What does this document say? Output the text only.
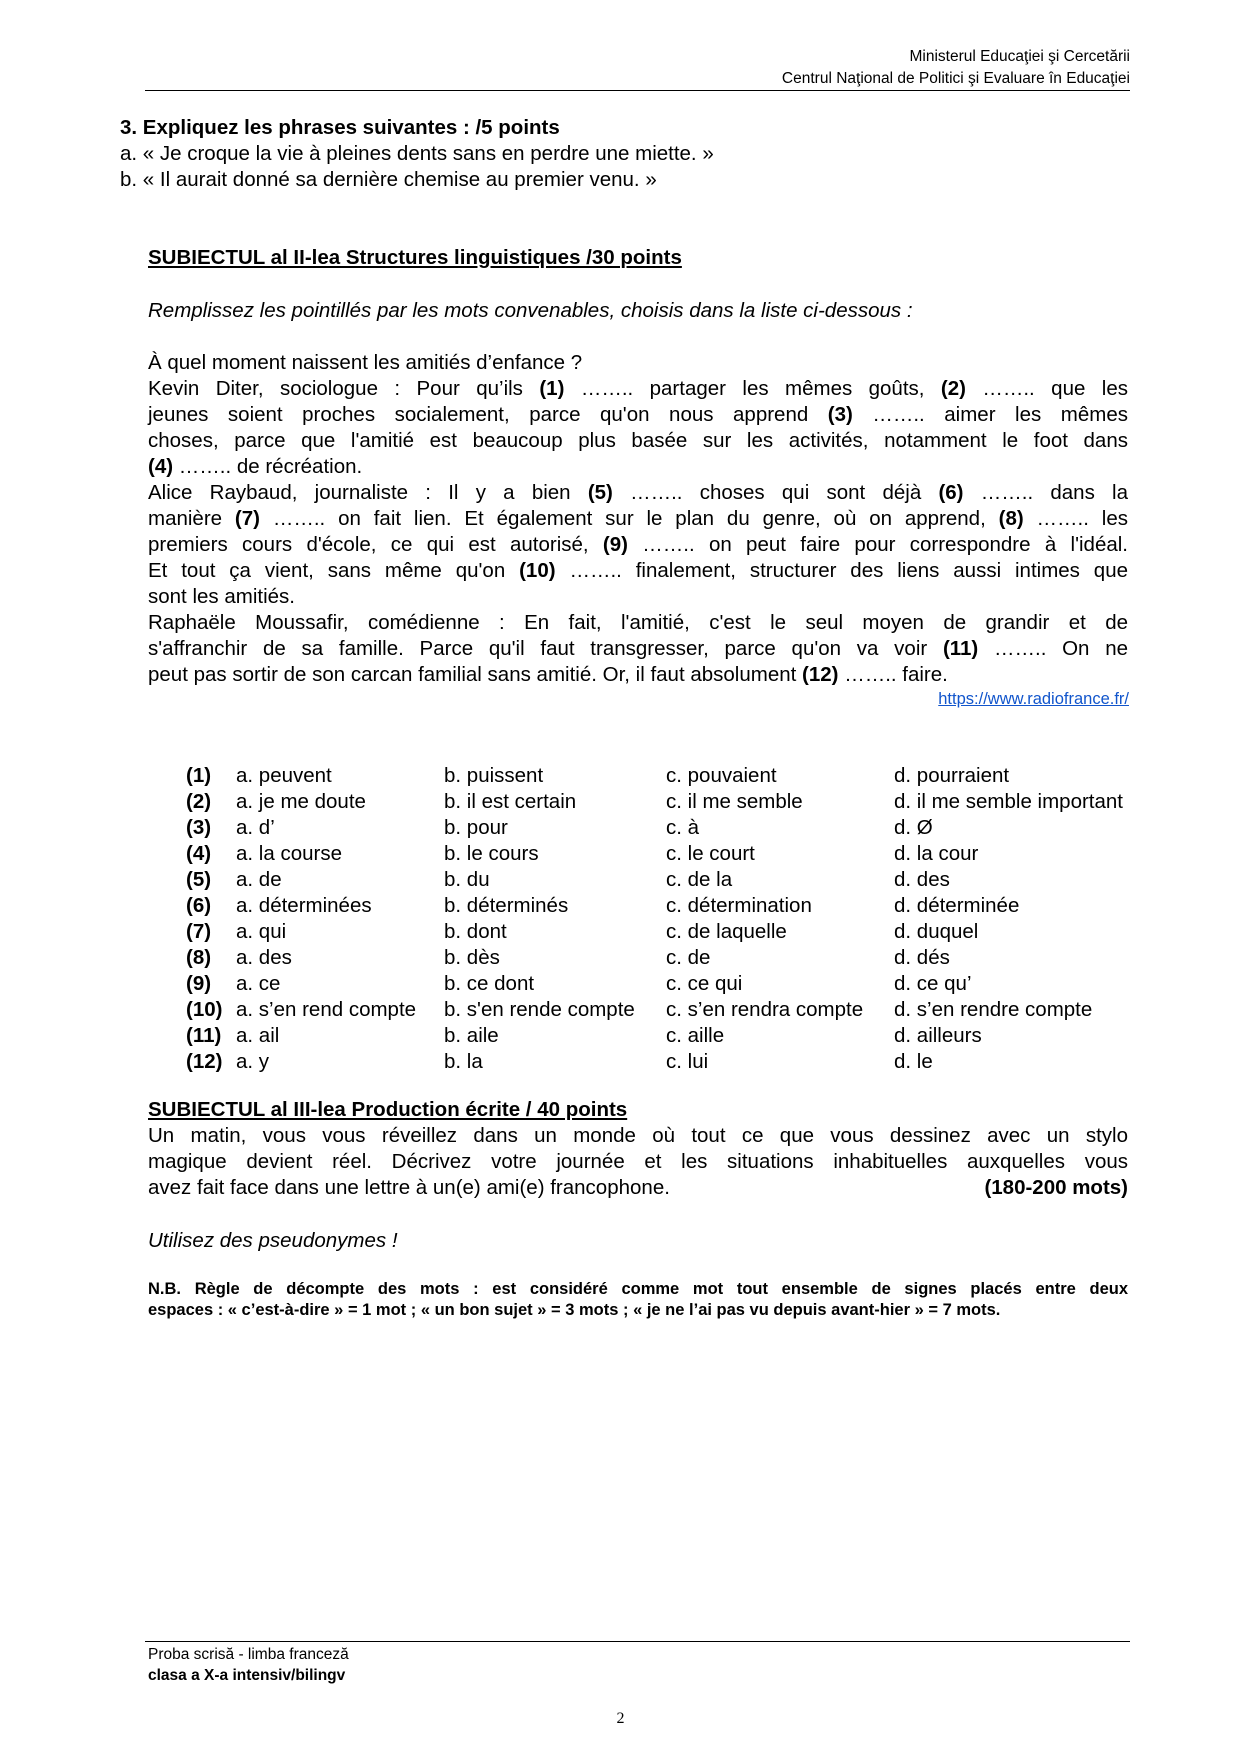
Ministerul Educaţiei şi Cercetării
Centrul Naţional de Politici şi Evaluare în Educaţiei
3. Expliquez les phrases suivantes : /5 points
a. « Je croque la vie à pleines dents sans en perdre une miette. »
b. « Il aurait donné sa dernière chemise au premier venu. »
SUBIECTUL al II-lea Structures linguistiques /30 points
Remplissez les pointillés par les mots convenables, choisis dans la liste ci-dessous :
À quel moment naissent les amitiés d’enfance ?
Kevin Diter, sociologue : Pour qu’ils (1) …….. partager les mêmes goûts, (2) …….. que les
jeunes soient proches socialement, parce qu'on nous apprend (3) …….. aimer les mêmes
choses, parce que l'amitié est beaucoup plus basée sur les activités, notamment le foot dans
(4) …….. de récréation.
Alice Raybaud, journaliste : Il y a bien (5) …….. choses qui sont déjà (6) …….. dans la
manière (7) …….. on fait lien. Et également sur le plan du genre, où on apprend, (8) …….. les
premiers cours d'école, ce qui est autorisé, (9) …….. on peut faire pour correspondre à l'idéal.
Et tout ça vient, sans même qu'on (10) …….. finalement, structurer des liens aussi intimes que
sont les amitiés.
Raphaële Moussafir, comédienne : En fait, l'amitié, c'est le seul moyen de grandir et de
s'affranchir de sa famille. Parce qu'il faut transgresser, parce qu'on va voir (11) …….. On ne
peut pas sortir de son carcan familial sans amitié. Or, il faut absolument (12) …….. faire.
https://www.radiofrance.fr/
(1) a. peuvent	b. puissent	c. pouvaient	d. pourraient
(2) a. je me doute	b. il est certain	c. il me semble	d. il me semble important
(3) a. d’	b. pour	c. à	d. Ø
(4) a. la course	b. le cours	c. le court	d. la cour
(5) a. de	b. du	c. de la	d. des
(6) a. déterminées	b. déterminés	c. détermination	d. déterminée
(7) a. qui	b. dont	c. de laquelle	d. duquel
(8) a. des	b. dès	c. de	d. dés
(9) a. ce	b. ce dont	c. ce qui	d. ce qu’
(10) a. s’en rend compte b. s'en rende compte c. s’en rendra compte d. s’en rendre compte
(11) a. ail	b. aile	c. aille	d. ailleurs
(12) a. y	b. la	c. lui	d. le
SUBIECTUL al III-lea Production écrite / 40 points
Un matin, vous vous réveillez dans un monde où tout ce que vous dessinez avec un stylo
magique devient réel. Décrivez votre journée et les situations inhabituelles auxquelles vous
avez fait face dans une lettre à un(e) ami(e) francophone.	(180-200 mots)
Utilisez des pseudonymes !
N.B. Règle de décompte des mots : est considéré comme mot tout ensemble de signes placés entre deux
espaces : « c’est-à-dire » = 1 mot ; « un bon sujet » = 3 mots ; « je ne l’ai pas vu depuis avant-hier » = 7 mots.
Proba scrisă - limba franceză
clasa a X-a intensiv/bilingv
2
